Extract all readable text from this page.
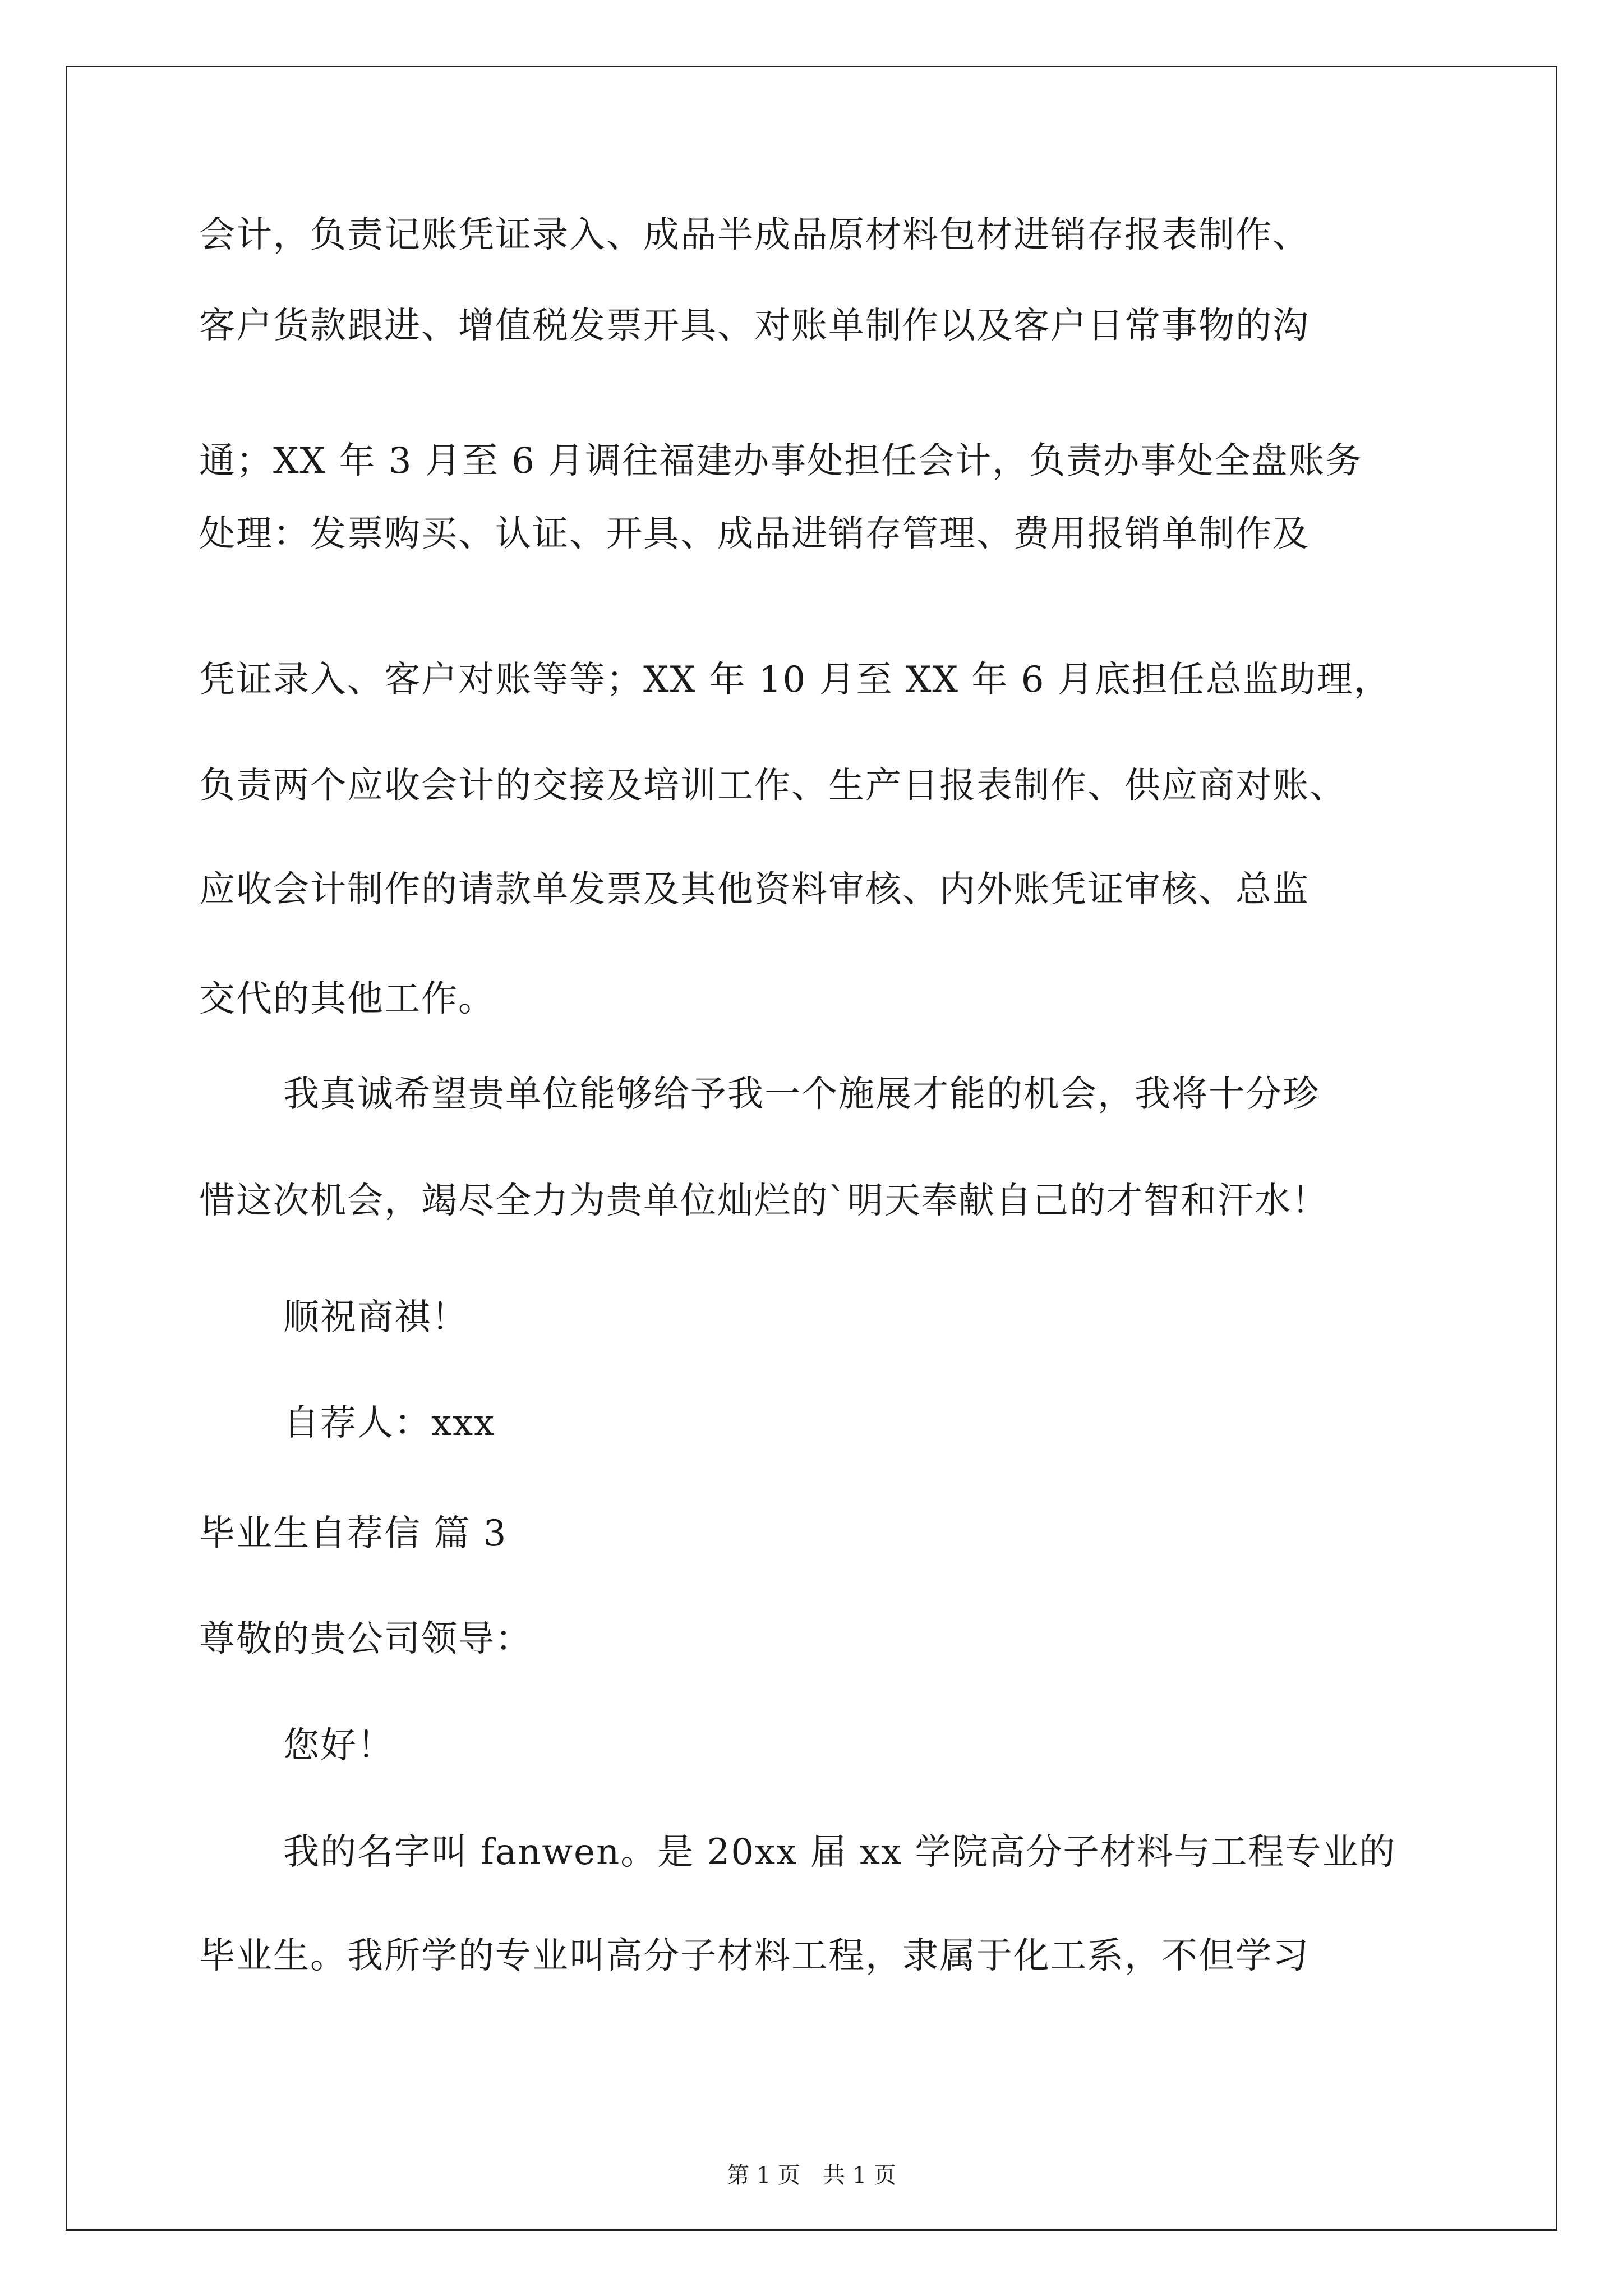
会计，负责记账凭证录入、成品半成品原材料包材进销存报表制作、
客户货款跟进、增值税发票开具、对账单制作以及客户日常事物的沟
通；XX 年 3 月至 6 月调往福建办事处担任会计，负责办事处全盘账务
处理：发票购买、认证、开具、成品进销存管理、费用报销单制作及
凭证录入、客户对账等等；XX 年 10 月至 XX 年 6 月底担任总监助理，
负责两个应收会计的交接及培训工作、生产日报表制作、供应商对账、
应收会计制作的请款单发票及其他资料审核、内外账凭证审核、总监
交代的其他工作。
我真诚希望贵单位能够给予我一个施展才能的机会，我将十分珍
惜这次机会，竭尽全力为贵单位灿烂的`明天奉献自己的才智和汗水！
顺祝商祺！
自荐人：xxx
毕业生自荐信 篇 3
尊敬的贵公司领导：
您好！
我的名字叫 fanwen。是 20xx 届 xx 学院高分子材料与工程专业的
毕业生。我所学的专业叫高分子材料工程，隶属于化工系，不但学习
第 1 页　共 1 页
